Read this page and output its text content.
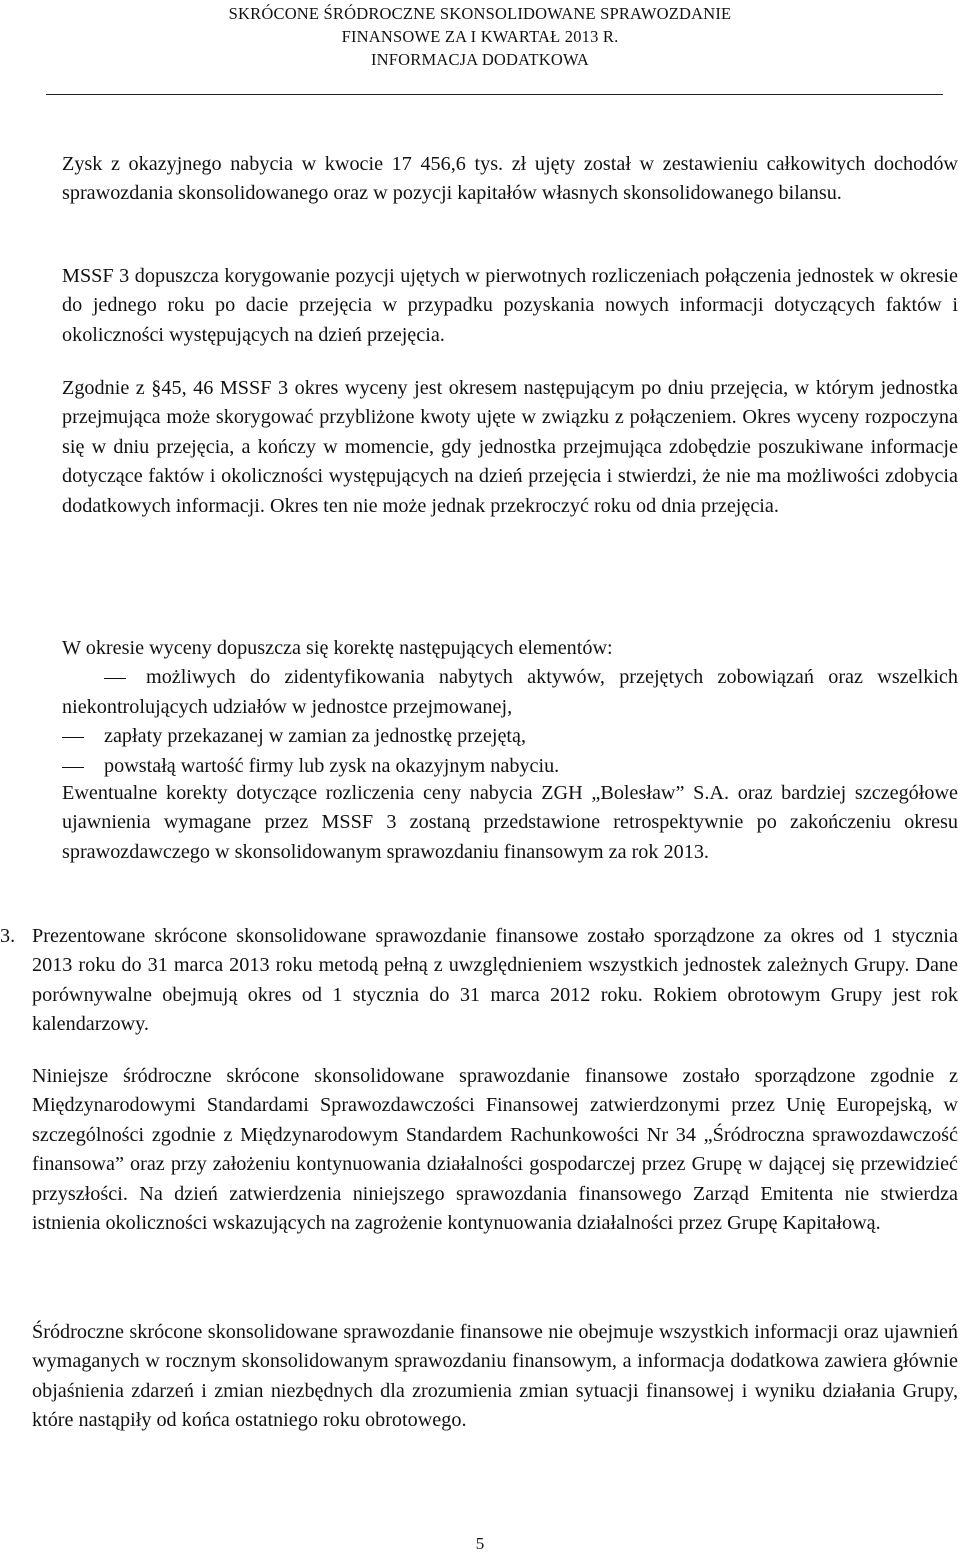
SKRÓCONE ŚRÓDROCZNE SKONSOLIDOWANE SPRAWOZDANIE
FINANSOWE ZA I KWARTAŁ 2013 R.
INFORMACJA DODATKOWA

Zysk z okazyjnego nabycia w kwocie 17 456,6 tys. zł ujęty został w zestawieniu całkowitych dochodów sprawozdania skonsolidowanego oraz w pozycji kapitałów własnych skonsolidowanego bilansu.

MSSF 3 dopuszcza korygowanie pozycji ujętych w pierwotnych rozliczeniach połączenia jednostek w okresie do jednego roku po dacie przejęcia w przypadku pozyskania nowych informacji dotyczących faktów i okoliczności występujących na dzień przejęcia.

Zgodnie z §45, 46 MSSF 3 okres wyceny jest okresem następującym po dniu przejęcia, w którym jednostka przejmująca może skorygować przybliżone kwoty ujęte w związku z połączeniem. Okres wyceny rozpoczyna się w dniu przejęcia, a kończy w momencie, gdy jednostka przejmująca zdobędzie poszukiwane informacje dotyczące faktów i okoliczności występujących na dzień przejęcia i stwierdzi, że nie ma możliwości zdobycia dodatkowych informacji. Okres ten nie może jednak przekroczyć roku od dnia przejęcia.

W okresie wyceny dopuszcza się korektę następujących elementów:

możliwych do zidentyfikowania nabytych aktywów, przejętych zobowiązań oraz wszelkich niekontrolujących udziałów w jednostce przejmowanej,
zapłaty przekazanej w zamian za jednostkę przejętą,
powstałą wartość firmy lub zysk na okazyjnym nabyciu.

Ewentualne korekty dotyczące rozliczenia ceny nabycia ZGH „Bolesław” S.A. oraz bardziej szczegółowe ujawnienia wymagane przez MSSF 3 zostaną przedstawione retrospektywnie po zakończeniu okresu sprawozdawczego w skonsolidowanym sprawozdaniu finansowym za rok 2013.

3. Prezentowane skrócone skonsolidowane sprawozdanie finansowe zostało sporządzone za okres od 1 stycznia 2013 roku do 31 marca 2013 roku metodą pełną z uwzględnieniem wszystkich jednostek zależnych Grupy. Dane porównywalne obejmują okres od 1 stycznia do 31 marca 2012 roku. Rokiem obrotowym Grupy jest rok kalendarzowy.

Niniejsze śródroczne skrócone skonsolidowane sprawozdanie finansowe zostało sporządzone zgodnie z Międzynarodowymi Standardami Sprawozdawczości Finansowej zatwierdzonymi przez Unię Europejską, w szczególności zgodnie z Międzynarodowym Standardem Rachunkowości Nr 34 „Śródroczna sprawozdawczość finansowa” oraz przy założeniu kontynuowania działalności gospodarczej przez Grupę w dającej się przewidzieć przyszłości. Na dzień zatwierdzenia niniejszego sprawozdania finansowego Zarząd Emitenta nie stwierdza istnienia okoliczności wskazujących na zagrożenie kontynuowania działalności przez Grupę Kapitałową.

Śródroczne skrócone skonsolidowane sprawozdanie finansowe nie obejmuje wszystkich informacji oraz ujawnień wymaganych w rocznym skonsolidowanym sprawozdaniu finansowym, a informacja dodatkowa zawiera głównie objaśnienia zdarzeń i zmian niezbędnych dla zrozumienia zmian sytuacji finansowej i wyniku działania Grupy, które nastąpiły od końca ostatniego roku obrotowego.

5
